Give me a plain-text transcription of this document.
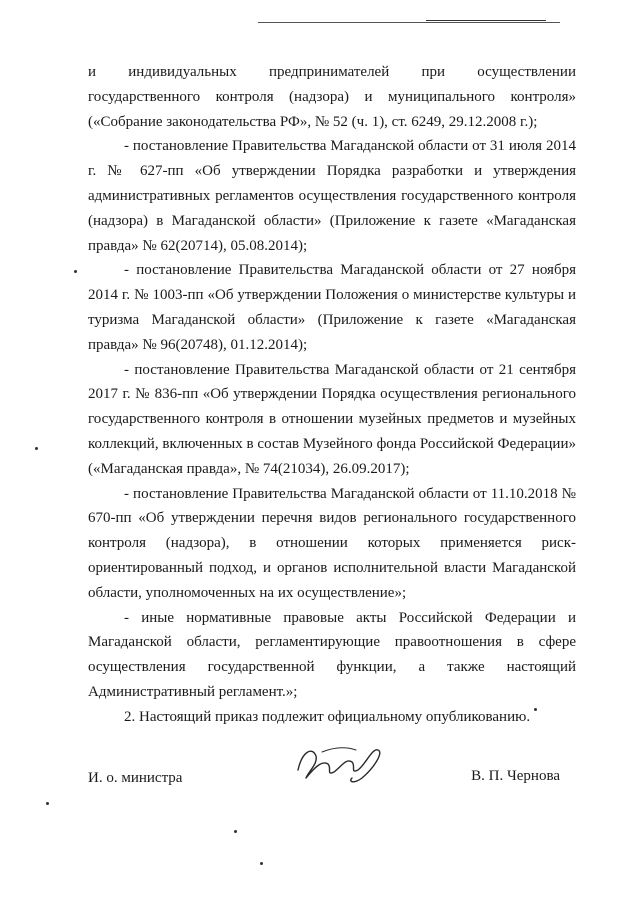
и индивидуальных предпринимателей при осуществлении государственного контроля (надзора) и муниципального контроля» («Собрание законодательства РФ», № 52 (ч. 1), ст. 6249, 29.12.2008 г.);

- постановление Правительства Магаданской области от 31 июля 2014 г. № 627-пп «Об утверждении Порядка разработки и утверждения административных регламентов осуществления государственного контроля (надзора) в Магаданской области» (Приложение к газете «Магаданская правда» № 62(20714), 05.08.2014);

- постановление Правительства Магаданской области от 27 ноября 2014 г. № 1003-пп «Об утверждении Положения о министерстве культуры и туризма Магаданской области» (Приложение к газете «Магаданская правда» № 96(20748), 01.12.2014);

- постановление Правительства Магаданской области от 21 сентября 2017 г. № 836-пп «Об утверждении Порядка осуществления регионального государственного контроля в отношении музейных предметов и музейных коллекций, включенных в состав Музейного фонда Российской Федерации» («Магаданская правда», № 74(21034), 26.09.2017);

- постановление Правительства Магаданской области от 11.10.2018 № 670-пп «Об утверждении перечня видов регионального государственного контроля (надзора), в отношении которых применяется риск-ориентированный подход, и органов исполнительной власти Магаданской области, уполномоченных на их осуществление»;

- иные нормативные правовые акты Российской Федерации и Магаданской области, регламентирующие правоотношения в сфере осуществления государственной функции, а также настоящий Административный регламент.»;

2. Настоящий приказ подлежит официальному опубликованию.

И. о. министра	В. П. Чернова
